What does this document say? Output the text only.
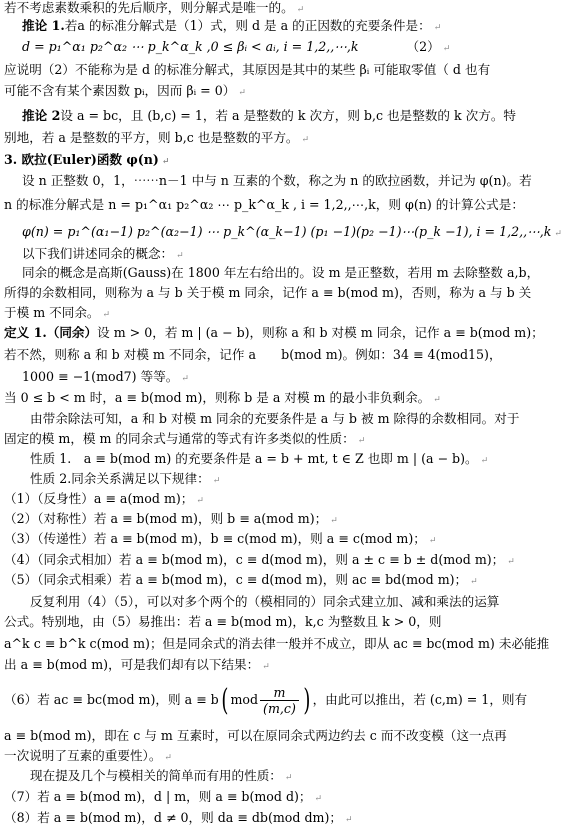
若不考虑素数乘积的先后顺序，则分解式是唯一的。 ↵
推论 1.若a 的标准分解式是（1）式，则 d 是 a 的正因数的充要条件是： ↵
d = p₁^α₁ p₂^α₂ ⋯ p_k^α_k ,0 ≤ βᵢ < aᵢ, i = 1,2,,⋯,k	（2） ↵
应说明（2）不能称为是 d 的标准分解式，其原因是其中的某些 βᵢ 可能取零值（ d 也有
可能不含有某个素因数 pᵢ，因而 βᵢ = 0） ↵
推论 2设 a = bc，且 (b,c) = 1，若 a 是整数的 k 次方，则 b,c 也是整数的 k 次方。特
别地，若 a 是整数的平方，则 b,c 也是整数的平方。 ↵
3. 欧拉(Euler)函数 φ(n) ↵
设 n 正整数 0，1，⋯⋯n－1 中与 n 互素的个数，称之为 n 的欧拉函数，并记为 φ(n)。若
n 的标准分解式是 n = p₁^α₁ p₂^α₂ ⋯ p_k^α_k , i = 1,2,,⋯,k，则 φ(n) 的计算公式是：
φ(n) = p₁^(α₁−1) p₂^(α₂−1) ⋯ p_k^(α_k−1) (p₁ −1)(p₂ −1)⋯(p_k −1), i = 1,2,,⋯,k ↵
以下我们讲述同余的概念： ↵
同余的概念是高斯(Gauss)在 1800 年左右给出的。设 m 是正整数，若用 m 去除整数 a,b，
所得的余数相同，则称为 a 与 b 关于模 m 同余，记作 a ≡ b(mod m)，否则，称为 a 与 b 关
于模 m 不同余。 ↵
定义 1.（同余）设 m > 0，若 m | (a − b)，则称 a 和 b 对模 m 同余，记作 a ≡ b(mod m)；
若不然，则称 a 和 b 对模 m 不同余，记作 a　　b(mod m)。例如：34 ≡ 4(mod15)，
1000 ≡ −1(mod7) 等等。 ↵
当 0 ≤ b < m 时，a ≡ b(mod m)，则称 b 是 a 对模 m 的最小非负剩余。 ↵
由带余除法可知，a 和 b 对模 m 同余的充要条件是 a 与 b 被 m 除得的余数相同。对于
固定的模 m，模 m 的同余式与通常的等式有许多类似的性质： ↵
性质 1.　a ≡ b(mod m) 的充要条件是 a = b + mt, t ∈ Z 也即 m | (a − b)。 ↵
性质 2.同余关系满足以下规律： ↵
（1）（反身性）a ≡ a(mod m)； ↵
（2）（对称性）若 a ≡ b(mod m)，则 b ≡ a(mod m)； ↵
（3）（传递性）若 a ≡ b(mod m)，b ≡ c(mod m)，则 a ≡ c(mod m)； ↵
（4）（同余式相加）若 a ≡ b(mod m)，c ≡ d(mod m)，则 a ± c ≡ b ± d(mod m)； ↵
（5）（同余式相乘）若 a ≡ b(mod m)，c ≡ d(mod m)，则 ac ≡ bd(mod m)； ↵
反复利用（4）（5），可以对多个两个的（模相同的）同余式建立加、减和乘法的运算
公式。特别地，由（5）易推出：若 a ≡ b(mod m)，k,c 为整数且 k > 0，则
a^k c ≡ b^k c(mod m)；但是同余式的消去律一般并不成立，即从 ac ≡ bc(mod m) 未必能推
出 a ≡ b(mod m)，可是我们却有以下结果： ↵
（6）若 ac ≡ bc(mod m)，则 a ≡ b( mod $\frac{m}{(m,c)}$ ) ，由此可以推出，若 (c,m) = 1，则有
a ≡ b(mod m)，即在 c 与 m 互素时，可以在原同余式两边约去 c 而不改变模（这一点再
一次说明了互素的重要性）。 ↵
现在提及几个与模相关的简单而有用的性质： ↵
（7）若 a ≡ b(mod m)，d | m，则 a ≡ b(mod d)； ↵
（8）若 a ≡ b(mod m)，d ≠ 0，则 da ≡ db(mod dm)； ↵
